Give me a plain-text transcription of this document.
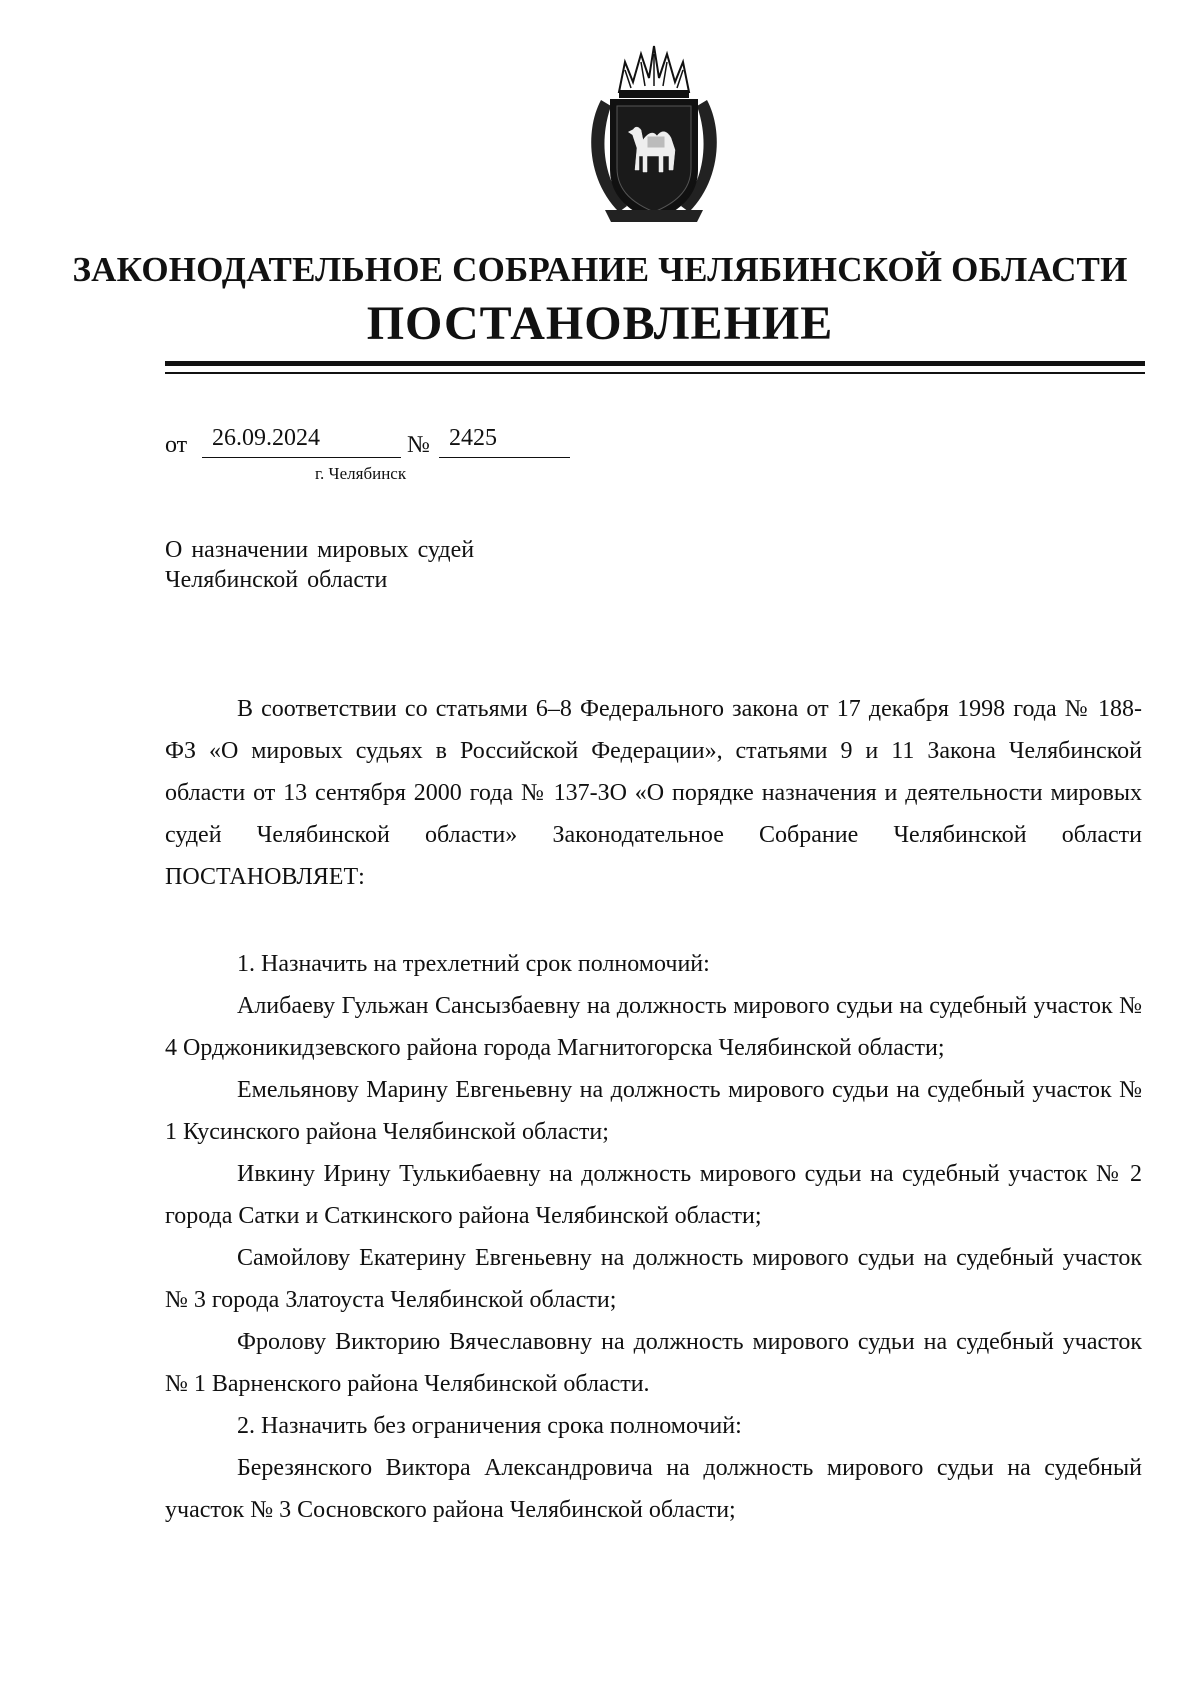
ЗАКОНОДАТЕЛЬНОЕ СОБРАНИЕ ЧЕЛЯБИНСКОЙ ОБЛАСТИ
ПОСТАНОВЛЕНИЕ
от	26.09.2024	№ 2425
г. Челябинск
О назначении мировых судей
Челябинской области

В соответствии со статьями 6–8 Федерального закона от 17 декабря 1998 года № 188-ФЗ «О мировых судьях в Российской Федерации», статьями 9 и 11 Закона Челябинской области от 13 сентября 2000 года № 137-ЗО «О порядке назначения и деятельности мировых судей Челябинской области» Законодательное Собрание Челябинской области ПОСТАНОВЛЯЕТ:

1. Назначить на трехлетний срок полномочий:

Алибаеву Гульжан Сансызбаевну на должность мирового судьи на судебный участок № 4 Орджоникидзевского района города Магнитогорска Челябинской области;

Емельянову Марину Евгеньевну на должность мирового судьи на судебный участок № 1 Кусинского района Челябинской области;

Ивкину Ирину Тулькибаевну на должность мирового судьи на судебный участок № 2 города Сатки и Саткинского района Челябинской области;

Самойлову Екатерину Евгеньевну на должность мирового судьи на судебный участок № 3 города Златоуста Челябинской области;

Фролову Викторию Вячеславовну на должность мирового судьи на судебный участок № 1 Варненского района Челябинской области.

2. Назначить без ограничения срока полномочий:

Березянского Виктора Александровича на должность мирового судьи на судебный участок № 3 Сосновского района Челябинской области;
